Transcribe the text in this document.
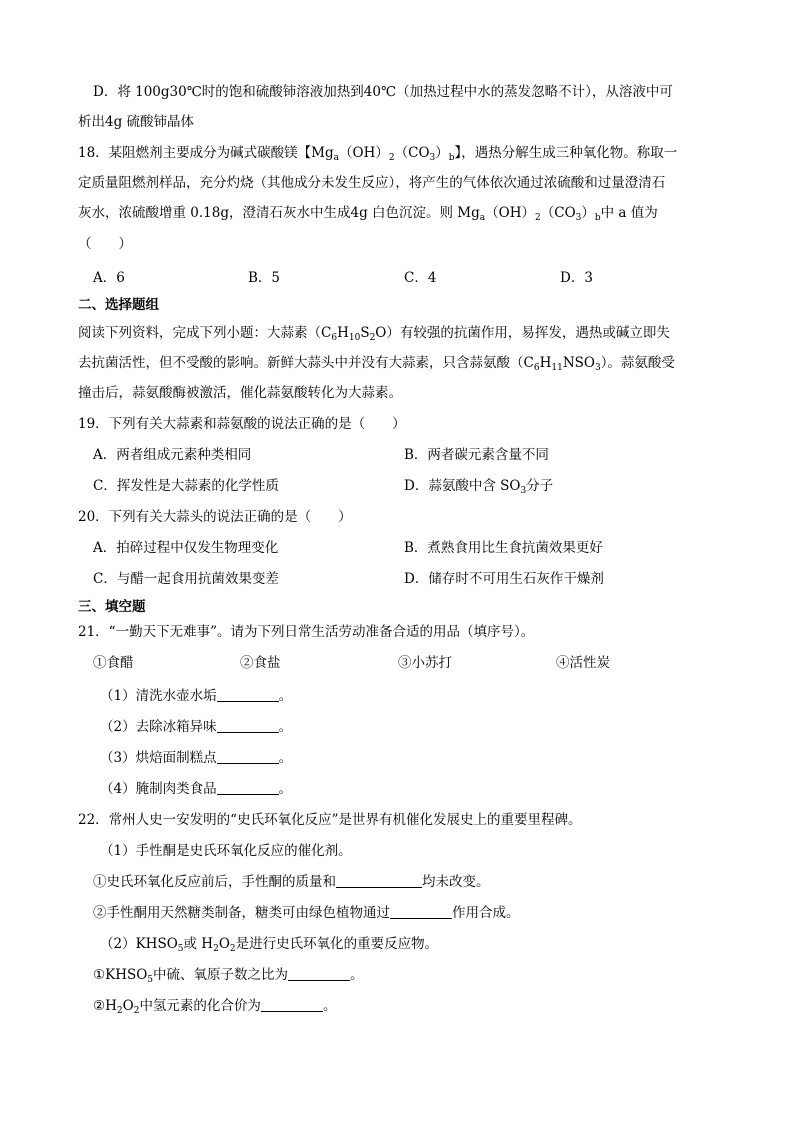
D．将 100g30℃时的饱和硫酸铈溶液加热到40℃（加热过程中水的蒸发忽略不计），从溶液中可
析出4g 硫酸铈晶体
18．某阻燃剂主要成分为碱式碳酸镁【$Mg_a(OH)_2(CO_3)_b$】，遇热分解生成三种氧化物。称取一
定质量阻燃剂样品，充分灼烧（其他成分未发生反应），将产生的气体依次通过浓硫酸和过量澄清石
灰水，浓硫酸增重 0.18g，澄清石灰水中生成4g 白色沉淀。则 $Mg_a(OH)_2(CO_3)_b$中 a 值为
（　　）
A．6	B．5	C．4	D．3
二、选择题组
阅读下列资料，完成下列小题：大蒜素$(C_6H_{10}S_2O)$有较强的抗菌作用，易挥发，遇热或碱立即失
去抗菌活性，但不受酸的影响。新鲜大蒜头中并没有大蒜素，只含蒜氨酸$(C_6H_{11}NSO_3)$。蒜氨酸受
撞击后，蒜氨酸酶被激活，催化蒜氨酸转化为大蒜素。
19．下列有关大蒜素和蒜氨酸的说法正确的是（　　）
A．两者组成元素种类相同	B．两者碳元素含量不同
C．挥发性是大蒜素的化学性质	D．蒜氨酸中含 $SO_3$分子
20．下列有关大蒜头的说法正确的是（　　）
A．拍碎过程中仅发生物理变化	B．煮熟食用比生食抗菌效果更好
C．与醋一起食用抗菌效果变差	D．储存时不可用生石灰作干燥剂
三、填空题
21．“一勤天下无难事”。请为下列日常生活劳动准备合适的用品（填序号）。
①食醋	②食盐	③小苏打	④活性炭
（1）清洗水壶水垢	。
（2）去除冰箱异味	。
（3）烘焙面制糕点	。
（4）腌制肉类食品	。
22．常州人史一安发明的“史氏环氧化反应”是世界有机催化发展史上的重要里程碑。
（1）手性酮是史氏环氧化反应的催化剂。
①史氏环氧化反应前后，手性酮的质量和	均未改变。
②手性酮用天然糖类制备，糖类可由绿色植物通过	作用合成。
$(2)KHSO_5$或 $H_2O_2$是进行史氏环氧化的重要反应物。
$①KHSO_5$中硫、氧原子数之比为	。
$②H_2O_2$中氢元素的化合价为	。
